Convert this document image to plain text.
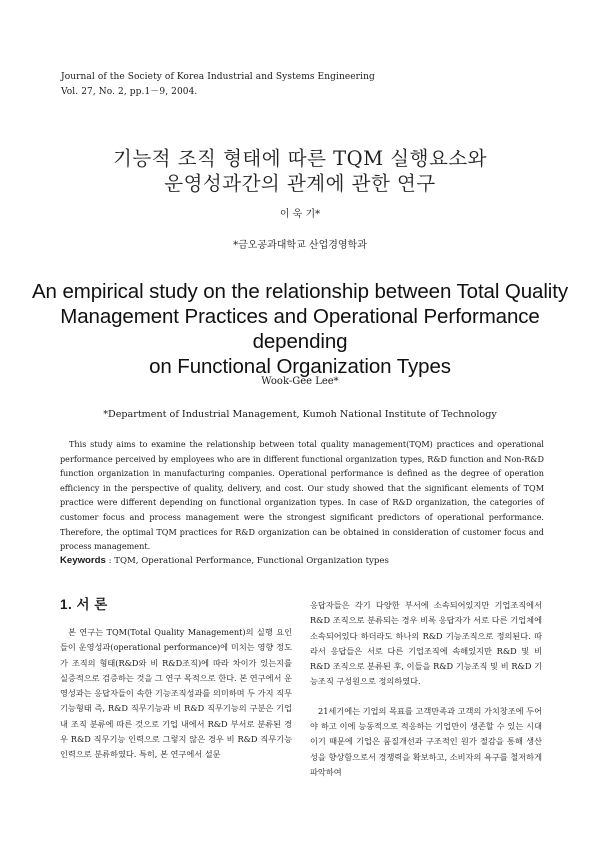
Journal of the Society of Korea Industrial and Systems Engineering
Vol. 27, No. 2, pp.1－9, 2004.
기능적 조직 형태에 따른 TQM 실행요소와
운영성과간의 관계에 관한 연구
이 욱 기*
*금오공과대학교 산업경영학과
An empirical study on the relationship between Total Quality
Management Practices and Operational Performance depending
on Functional Organization Types
Wook-Gee Lee*
*Department of Industrial Management, Kumoh National Institute of Technology

This study aims to examine the relationship between total quality management(TQM) practices and operational performance perceived by employees who are in different functional organization types, R&D function and Non-R&D function organization in manufacturing companies. Operational performance is defined as the degree of operation efficiency in the perspective of quality, delivery, and cost. Our study showed that the significant elements of TQM practice were different depending on functional organization types. In case of R&D organization, the categories of customer focus and process management were the strongest significant predictors of operational performance. Therefore, the optimal TQM practices for R&D organization can be obtained in consideration of customer focus and process management.

Keywords : TQM, Operational Performance, Functional Organization types
1. 서 론

본 연구는 TQM(Total Quality Management)의 실행 요인들이 운영성과(operational performance)에 미치는 영향 정도가 조직의 형태(R&D와 비 R&D조직)에 따라 차이가 있는지를 실증적으로 검증하는 것을 그 연구 목적으로 한다. 본 연구에서 운영성과는 응답자들이 속한 기능조직성과를 의미하며 두 가지 직무기능형태 즉, R&D 직무기능과 비 R&D 직무기능의 구분은 기업 내 조직 분류에 따른 것으로 기업 내에서 R&D 부서로 분류된 경우 R&D 직무기능 인력으로 그렇지 않은 경우 비 R&D 직무기능 인력으로 분류하였다. 특히, 본 연구에서 설문

응답자들은 각기 다양한 부서에 소속되어있지만 기업조직에서 R&D 조직으로 분류되는 경우 비록 응답자가 서로 다른 기업체에 소속되어있다 하더라도 하나의 R&D 기능조직으로 정의된다. 따라서 응답들은 서로 다른 기업조직에 속해있지만 R&D 및 비 R&D 조직으로 분류된 후, 이들을 R&D 기능조직 및 비 R&D 기능조직 구성원으로 정의하였다.

21세기에는 기업의 목표를 고객만족과 고객의 가치창조에 두어야 하고 이에 능동적으로 적응하는 기업만이 생존할 수 있는 시대이기 때문에 기업은 품질개선과 구조적인 원가 절감을 통해 생산성을 향상함으로서 경쟁력을 확보하고, 소비자의 욕구를 철저하게 파악하여
